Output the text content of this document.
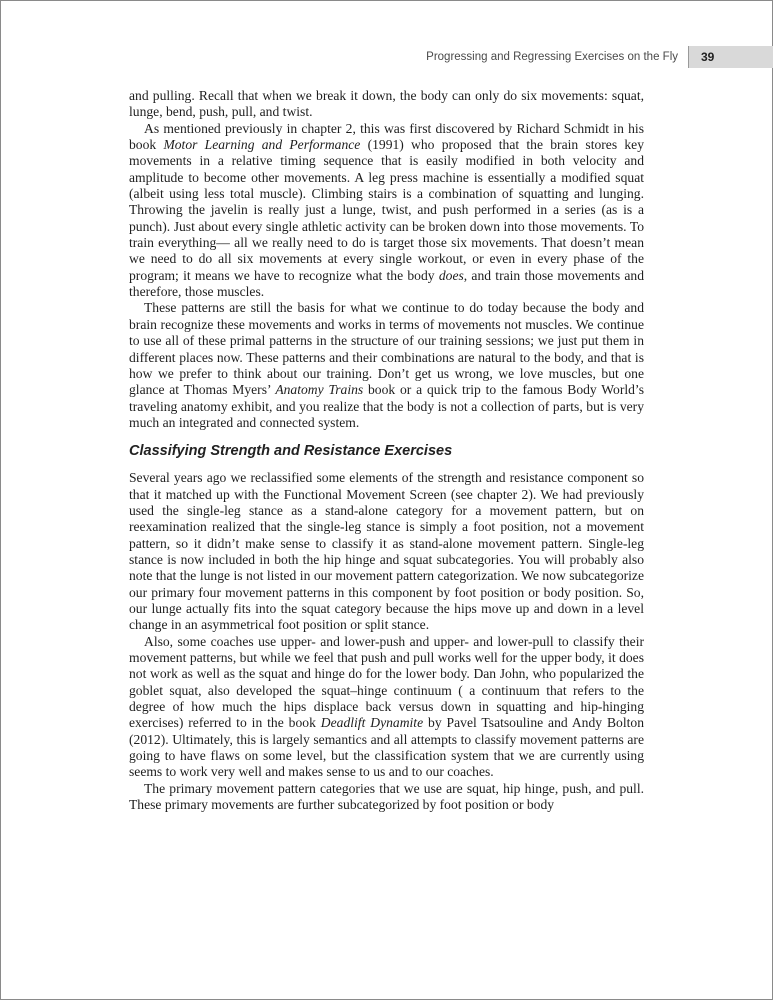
Progressing and Regressing Exercises on the Fly	39

and pulling. Recall that when we break it down, the body can only do six movements: squat, lunge, bend, push, pull, and twist.

As mentioned previously in chapter 2, this was first discovered by Richard Schmidt in his book Motor Learning and Performance (1991) who proposed that the brain stores key movements in a relative timing sequence that is easily modified in both velocity and amplitude to become other movements. A leg press machine is essentially a modified squat (albeit using less total muscle). Climbing stairs is a combination of squatting and lunging. Throwing the javelin is really just a lunge, twist, and push performed in a series (as is a punch). Just about every single athletic activity can be broken down into those movements. To train everything— all we really need to do is target those six movements. That doesn’t mean we need to do all six movements at every single workout, or even in every phase of the program; it means we have to recognize what the body does, and train those movements and therefore, those muscles.

These patterns are still the basis for what we continue to do today because the body and brain recognize these movements and works in terms of movements not muscles. We continue to use all of these primal patterns in the structure of our training sessions; we just put them in different places now. These patterns and their combinations are natural to the body, and that is how we prefer to think about our training. Don’t get us wrong, we love muscles, but one glance at Thomas Myers’ Anatomy Trains book or a quick trip to the famous Body World’s traveling anatomy exhibit, and you realize that the body is not a collection of parts, but is very much an integrated and connected system.

Classifying Strength and Resistance Exercises

Several years ago we reclassified some elements of the strength and resistance component so that it matched up with the Functional Movement Screen (see chapter 2). We had previously used the single-leg stance as a stand-alone category for a movement pattern, but on reexamination realized that the single-leg stance is simply a foot position, not a movement pattern, so it didn’t make sense to classify it as stand-alone movement pattern. Single-leg stance is now included in both the hip hinge and squat subcategories. You will probably also note that the lunge is not listed in our movement pattern categorization. We now subcategorize our primary four movement patterns in this component by foot position or body position. So, our lunge actually fits into the squat category because the hips move up and down in a level change in an asymmetrical foot position or split stance.

Also, some coaches use upper- and lower-push and upper- and lower-pull to classify their movement patterns, but while we feel that push and pull works well for the upper body, it does not work as well as the squat and hinge do for the lower body. Dan John, who popularized the goblet squat, also developed the squat–hinge continuum ( a continuum that refers to the degree of how much the hips displace back versus down in squatting and hip-hinging exercises) referred to in the book Deadlift Dynamite by Pavel Tsatsouline and Andy Bolton (2012). Ultimately, this is largely semantics and all attempts to classify movement patterns are going to have flaws on some level, but the classification system that we are currently using seems to work very well and makes sense to us and to our coaches.

The primary movement pattern categories that we use are squat, hip hinge, push, and pull. These primary movements are further subcategorized by foot position or body
